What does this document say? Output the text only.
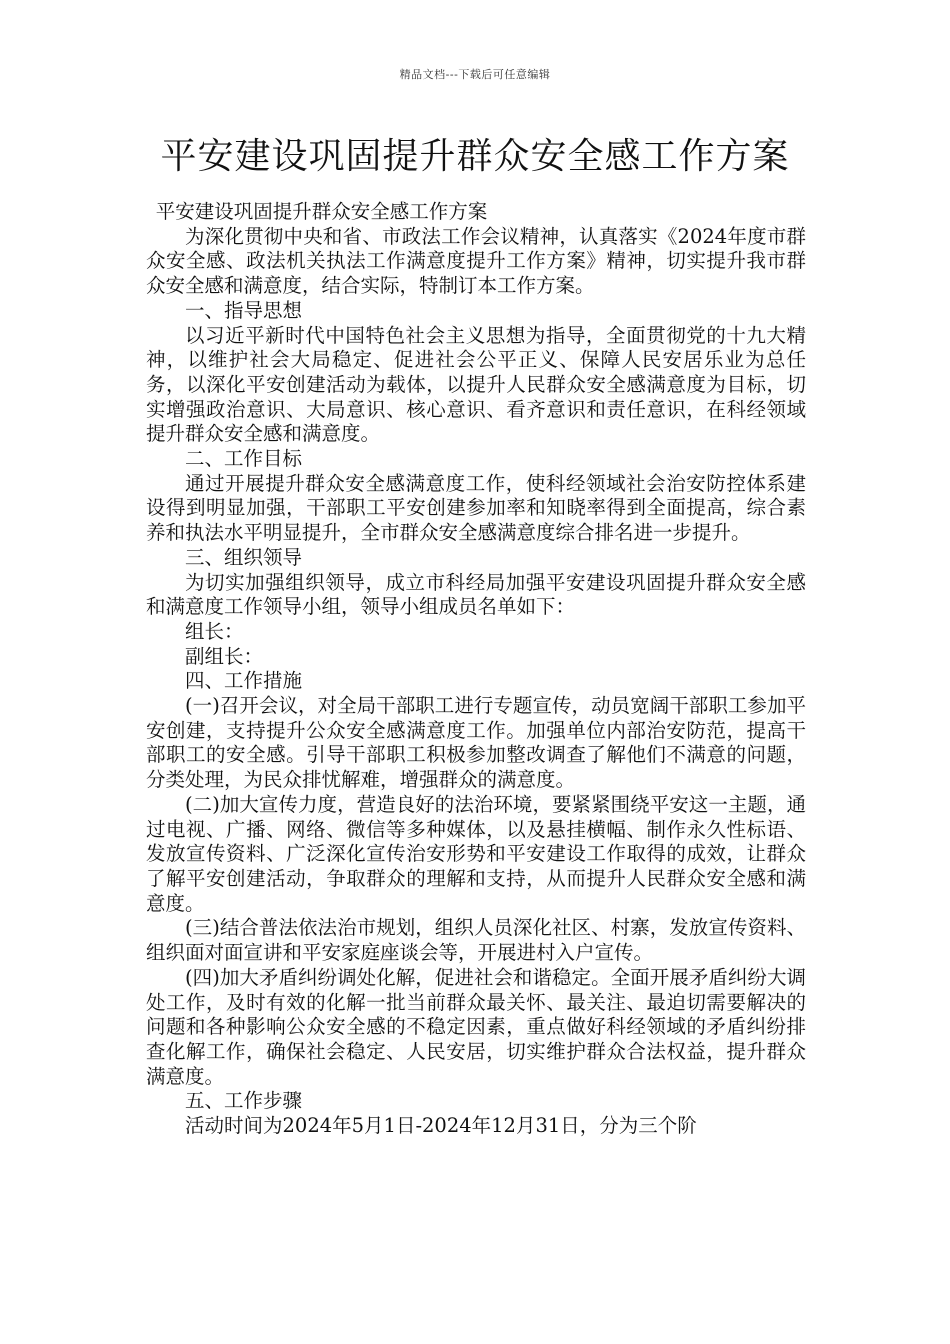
精品文档---下载后可任意编辑
平安建设巩固提升群众安全感工作方案

平安建设巩固提升群众安全感工作方案

为深化贯彻中央和省、市政法工作会议精神，认真落实《2024年度市群众安全感、政法机关执法工作满意度提升工作方案》精神，切实提升我市群众安全感和满意度，结合实际，特制订本工作方案。

一、指导思想

以习近平新时代中国特色社会主义思想为指导，全面贯彻党的十九大精神，以维护社会大局稳定、促进社会公平正义、保障人民安居乐业为总任务，以深化平安创建活动为载体，以提升人民群众安全感满意度为目标，切实增强政治意识、大局意识、核心意识、看齐意识和责任意识，在科经领域提升群众安全感和满意度。

二、工作目标

通过开展提升群众安全感满意度工作，使科经领域社会治安防控体系建设得到明显加强，干部职工平安创建参加率和知晓率得到全面提高，综合素养和执法水平明显提升，全市群众安全感满意度综合排名进一步提升。

三、组织领导

为切实加强组织领导，成立市科经局加强平安建设巩固提升群众安全感和满意度工作领导小组，领导小组成员名单如下：

组长：

副组长：

四、工作措施

(一)召开会议，对全局干部职工进行专题宣传，动员宽阔干部职工参加平安创建，支持提升公众安全感满意度工作。加强单位内部治安防范，提高干部职工的安全感。引导干部职工积极参加整改调查了解他们不满意的问题，分类处理，为民众排忧解难，增强群众的满意度。

(二)加大宣传力度，营造良好的法治环境，要紧紧围绕平安这一主题，通过电视、广播、网络、微信等多种媒体，以及悬挂横幅、制作永久性标语、发放宣传资料、广泛深化宣传治安形势和平安建设工作取得的成效，让群众了解平安创建活动，争取群众的理解和支持，从而提升人民群众安全感和满意度。

(三)结合普法依法治市规划，组织人员深化社区、村寨，发放宣传资料、组织面对面宣讲和平安家庭座谈会等，开展进村入户宣传。

(四)加大矛盾纠纷调处化解，促进社会和谐稳定。全面开展矛盾纠纷大调处工作，及时有效的化解一批当前群众最关怀、最关注、最迫切需要解决的问题和各种影响公众安全感的不稳定因素，重点做好科经领域的矛盾纠纷排查化解工作，确保社会稳定、人民安居，切实维护群众合法权益，提升群众满意度。

五、工作步骤

活动时间为2024年5月1日-2024年12月31日，分为三个阶
